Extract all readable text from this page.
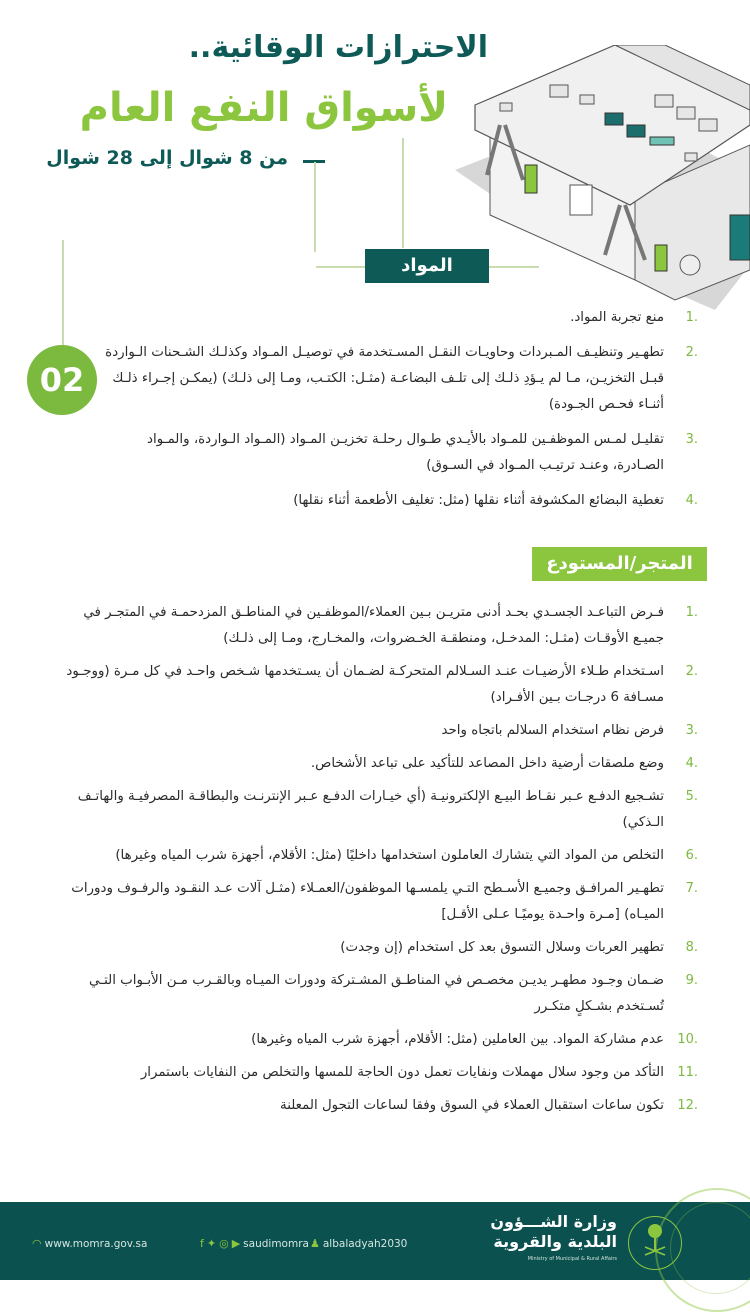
الاحترازات الوقائية..
لأسواق النفع العام
من 8 شوال إلى 28 شوال
المواد
02
.1
منع تجربة المواد.
.2
تطهـير وتنظيـف المـبردات وحاويـات النقـل المسـتخدمة في توصيـل المـواد وكذلـك الشـحنات الـواردة قبـل التخزيـن، مـا لم يـؤدِ ذلـك إلى تلـف البضاعـة (مثـل: الكتـب، ومـا إلى ذلـك) (يمكـن إجـراء ذلـك أثنـاء فحـص الجـودة)
.3
تقليـل لمـس الموظفـين للمـواد بالأيـدي طـوال رحلـة تخزيـن المـواد (المـواد الـواردة، والمـواد الصـادرة، وعنـد ترتيـب المـواد في السـوق)
.4
تغطية البضائع المكشوفة أثناء نقلها (مثل: تغليف الأطعمة أثناء نقلها)
المتجر/المستودع
.1
فـرض التباعـد الجسـدي بحـد أدنى متريـن بـين العملاء/الموظفـين في المناطـق المزدحمـة في المتجـر في جميـع الأوقـات (مثـل: المدخـل، ومنطقـة الخـضروات، والمخـارج، ومـا إلى ذلـك)
.2
اسـتخدام طـلاء الأرضيـات عنـد السـلالم المتحركـة لضـمان أن يسـتخدمها شـخص واحـد في كل مـرة (ووجـود مسـافة 6 درجـات بـين الأفـراد)
.3
فرض نظام استخدام السلالم باتجاه واحد
.4
وضع ملصقات أرضية داخل المصاعد للتأكيد على تباعد الأشخاص.
.5
تشـجيع الدفـع عـبر نقـاط البيـع الإلكترونيـة (أي خيـارات الدفـع عـبر الإنترنـت والبطاقـة المصرفيـة والهاتـف الـذكي)
.6
التخلص من المواد التي يتشارك العاملون استخدامها داخليًا (مثل: الأقلام، أجهزة شرب المياه وغيرها)
.7
تطهـير المرافـق وجميـع الأسـطح التـي يلمسـها الموظفون/العمـلاء (مثـل آلات عـد النقـود والرفـوف ودورات الميـاه) [مـرة واحـدة يوميًـا عـلى الأقـل]
.8
تطهير العربات وسلال التسوق بعد كل استخدام (إن وجدت)
.9
ضـمان وجـود مطهـر يديـن مخصـص في المناطـق المشـتركة ودورات الميـاه وبالقـرب مـن الأبـواب التـي تُسـتخدم بشـكلٍ متكـرر
.10
عدم مشاركة المواد. بين العاملين (مثل: الأقلام، أجهزة شرب المياه وغيرها)
.11
التأكد من وجود سلال مهملات ونفايات تعمل دون الحاجة للمسها والتخلص من النفايات باستمرار
.12
تكون ساعات استقبال العملاء في السوق وفقا لساعات التجول المعلنة
◠ www.momra.gov.sa	f ✦ ◎ ▶ saudimomra ♟ albaladyah2030
وزارة الشـــؤون
البلدية والقروية
Ministry of Municipal & Rural Affairs
